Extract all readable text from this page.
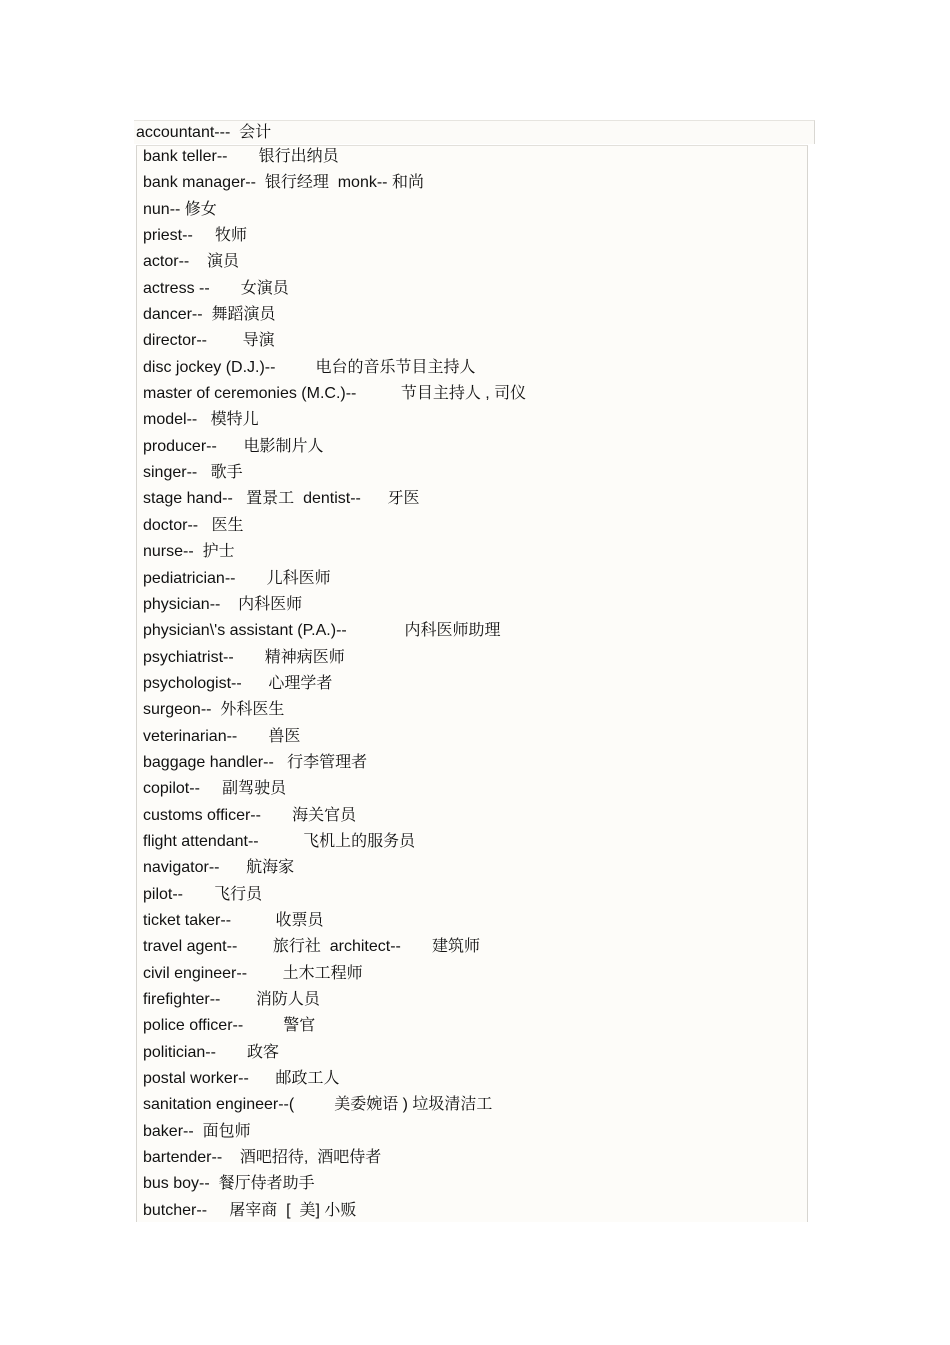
accountant---  会计
bank teller--       银行出纳员
bank manager--  银行经理  monk-- 和尚
nun-- 修女
priest--     牧师
actor--    演员
actress --       女演员
dancer--  舞蹈演员
director--        导演
disc jockey (D.J.)--         电台的音乐节目主持人
master of ceremonies (M.C.)--          节目主持人 , 司仪
model--   模特儿
producer--      电影制片人
singer--   歌手
stage hand--   置景工  dentist--      牙医
doctor--   医生
nurse--  护士
pediatrician--       儿科医师
physician--    内科医师
physician\'s assistant (P.A.)--             内科医师助理
psychiatrist--       精神病医师
psychologist--      心理学者
surgeon--  外科医生
veterinarian--       兽医
baggage handler--   行李管理者
copilot--     副驾驶员
customs officer--       海关官员
flight attendant--          飞机上的服务员
navigator--      航海家
pilot--       飞行员
ticket taker--          收票员
travel agent--        旅行社  architect--       建筑师
civil engineer--        土木工程师
firefighter--        消防人员
police officer--         警官
politician--       政客
postal worker--      邮政工人
sanitation engineer--(         美委婉语 ) 垃圾清洁工
baker--  面包师
bartender--    酒吧招待,  酒吧侍者
bus boy--  餐厅侍者助手
butcher--     屠宰商  [  美] 小贩
